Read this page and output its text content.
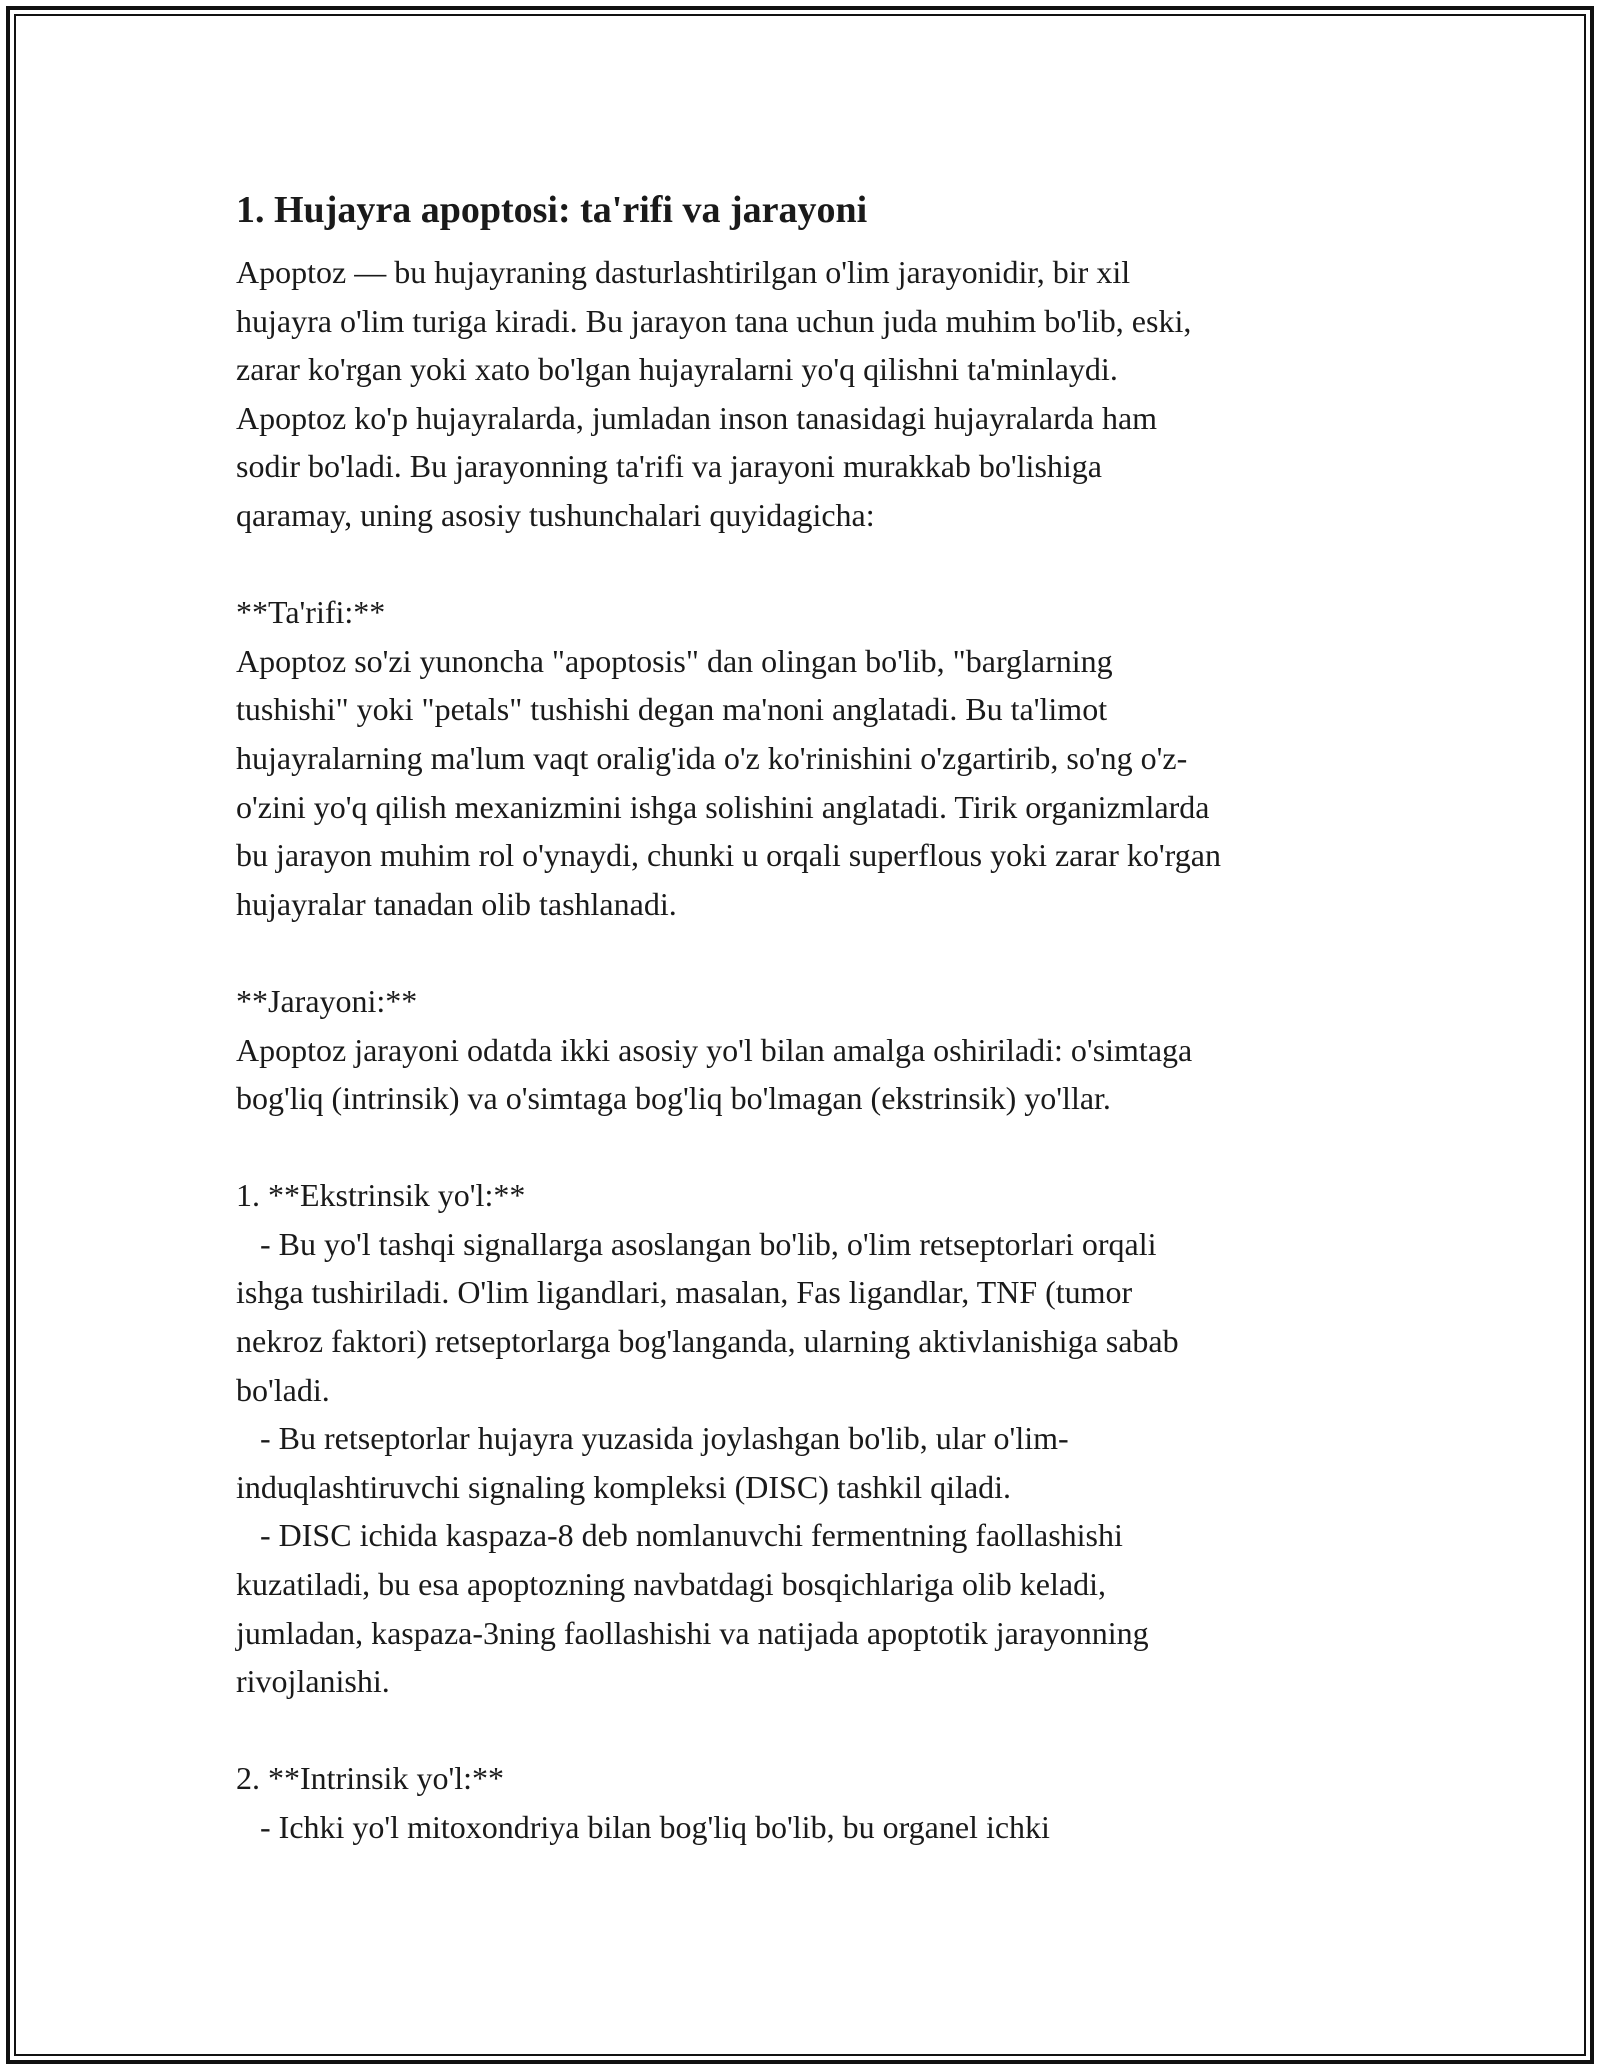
1. Hujayra apoptosi: ta'rifi va jarayoni

Apoptoz — bu hujayraning dasturlashtirilgan o'lim jarayonidir, bir xil
hujayra o'lim turiga kiradi. Bu jarayon tana uchun juda muhim bo'lib, eski,
zarar ko'rgan yoki xato bo'lgan hujayralarni yo'q qilishni ta'minlaydi.
Apoptoz ko'p hujayralarda, jumladan inson tanasidagi hujayralarda ham
sodir bo'ladi. Bu jarayonning ta'rifi va jarayoni murakkab bo'lishiga
qaramay, uning asosiy tushunchalari quyidagicha:

**Ta'rifi:**

Apoptoz so'zi yunoncha "apoptosis" dan olingan bo'lib, "barglarning
tushishi" yoki "petals" tushishi degan ma'noni anglatadi. Bu ta'limot
hujayralarning ma'lum vaqt oralig'ida o'z ko'rinishini o'zgartirib, so'ng o'z-
o'zini yo'q qilish mexanizmini ishga solishini anglatadi. Tirik organizmlarda
bu jarayon muhim rol o'ynaydi, chunki u orqali superflous yoki zarar ko'rgan
hujayralar tanadan olib tashlanadi.

**Jarayoni:**

Apoptoz jarayoni odatda ikki asosiy yo'l bilan amalga oshiriladi: o'simtaga
bog'liq (intrinsik) va o'simtaga bog'liq bo'lmagan (ekstrinsik) yo'llar.

1. **Ekstrinsik yo'l:**

- Bu yo'l tashqi signallarga asoslangan bo'lib, o'lim retseptorlari orqali
ishga tushiriladi. O'lim ligandlari, masalan, Fas ligandlar, TNF (tumor
nekroz faktori) retseptorlarga bog'langanda, ularning aktivlanishiga sabab
bo'ladi.
- Bu retseptorlar hujayra yuzasida joylashgan bo'lib, ular o'lim-
induqlashtiruvchi signaling kompleksi (DISC) tashkil qiladi.
- DISC ichida kaspaza-8 deb nomlanuvchi fermentning faollashishi
kuzatiladi, bu esa apoptozning navbatdagi bosqichlariga olib keladi,
jumladan, kaspaza-3ning faollashishi va natijada apoptotik jarayonning
rivojlanishi.

2. **Intrinsik yo'l:**

- Ichki yo'l mitoxondriya bilan bog'liq bo'lib, bu organel ichki
